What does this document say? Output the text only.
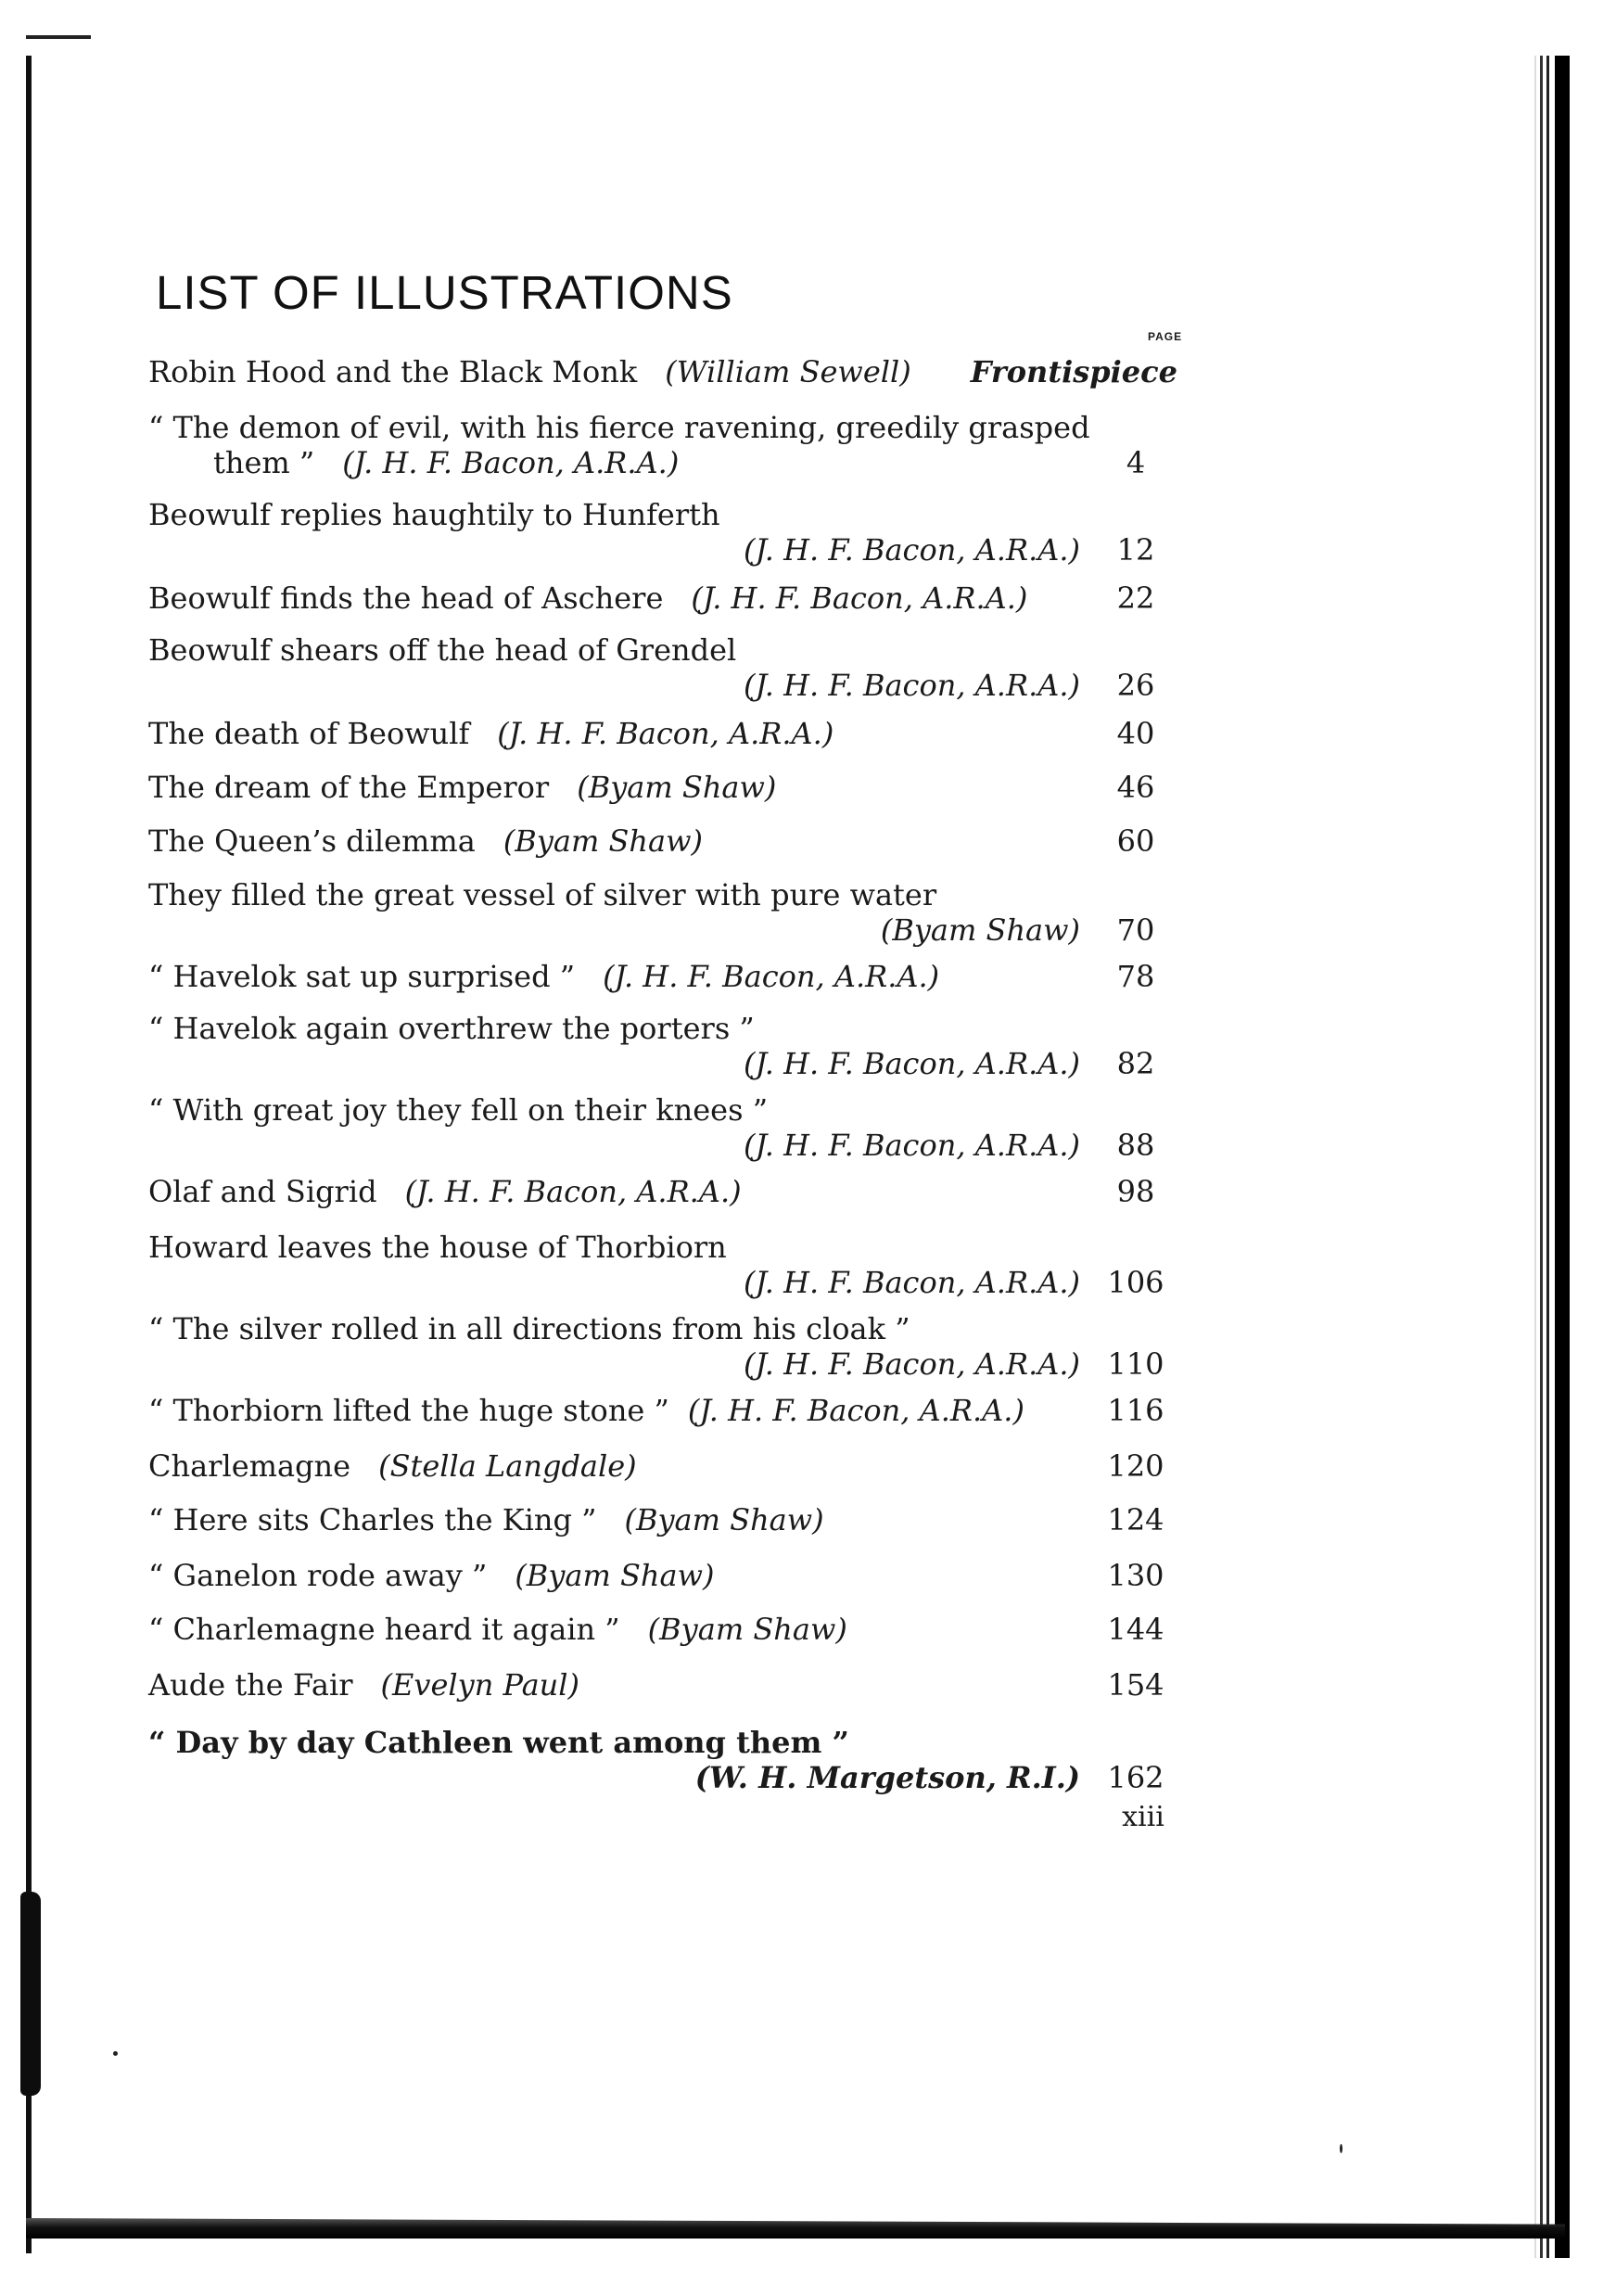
LIST OF ILLUSTRATIONS
PAGE
Robin Hood and the Black Monk (William Sewell) Frontispiece
“ The demon of evil, with his fierce ravening, greedily grasped
them ” (J. H. F. Bacon, A.R.A.)	4
Beowulf replies haughtily to Hunferth
(J. H. F. Bacon, A.R.A.)	12
Beowulf finds the head of Aschere (J. H. F. Bacon, A.R.A.)	22
Beowulf shears off the head of Grendel
(J. H. F. Bacon, A.R.A.)	26
The death of Beowulf (J. H. F. Bacon, A.R.A.)	40
The dream of the Emperor (Byam Shaw)	46
The Queen’s dilemma (Byam Shaw)	60
They filled the great vessel of silver with pure water
(Byam Shaw)	70
“ Havelok sat up surprised ” (J. H. F. Bacon, A.R.A.)	78
“ Havelok again overthrew the porters ”
(J. H. F. Bacon, A.R.A.)	82
“ With great joy they fell on their knees ”
(J. H. F. Bacon, A.R.A.)	88
Olaf and Sigrid (J. H. F. Bacon, A.R.A.)	98
Howard leaves the house of Thorbiorn
(J. H. F. Bacon, A.R.A.) 106
“ The silver rolled in all directions from his cloak ”
(J. H. F. Bacon, A.R.A.) 110
“ Thorbiorn lifted the huge stone ” (J. H. F. Bacon, A.R.A.)	116
Charlemagne (Stella Langdale)	120
“ Here sits Charles the King ” (Byam Shaw)	124
“ Ganelon rode away ” (Byam Shaw)	130
“ Charlemagne heard it again ” (Byam Shaw)	144
Aude the Fair (Evelyn Paul)	154
“ Day by day Cathleen went among them ”
(W. H. Margetson, R.I.) 162
xiii
